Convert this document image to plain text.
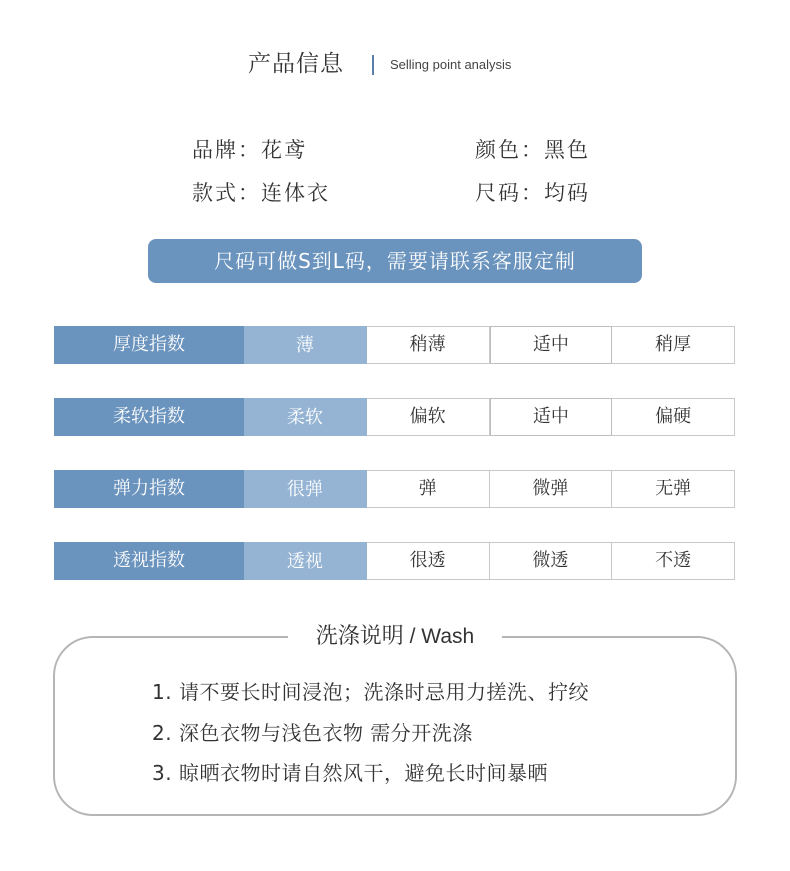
产品信息	Selling point analysis
品牌：花鸢	颜色：黑色
款式：连体衣	尺码：均码
尺码可做S到L码，需要请联系客服定制
厚度指数	薄	稍薄	适中	稍厚
柔软指数	柔软	偏软	适中	偏硬
弹力指数	很弹	弹	微弹	无弹
透视指数	透视	很透	微透	不透
洗涤说明 / Wash
1. 请不要长时间浸泡；洗涤时忌用力搓洗、拧绞
2. 深色衣物与浅色衣物 需分开洗涤
3. 晾晒衣物时请自然风干，避免长时间暴晒
